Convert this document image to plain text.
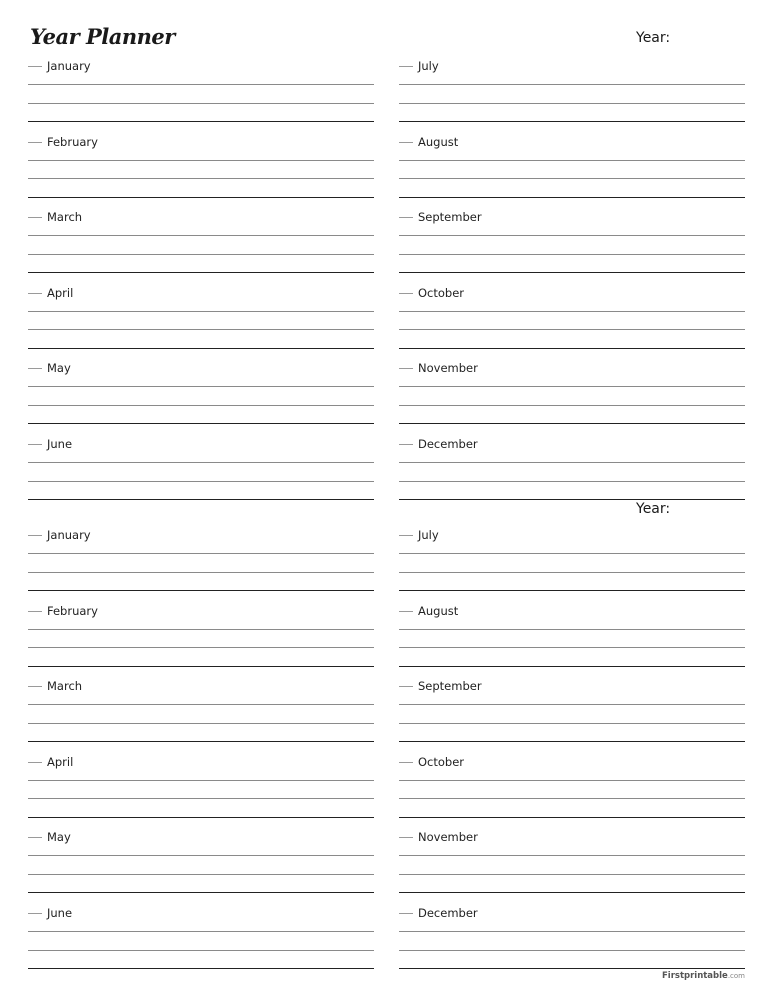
Year Planner	Year:
Year:
January
February
March
April
May
June
July
August
September
October
November
December
January
February
March
April
May
June
July
August
September
October
November
December
Firstprintable.com
